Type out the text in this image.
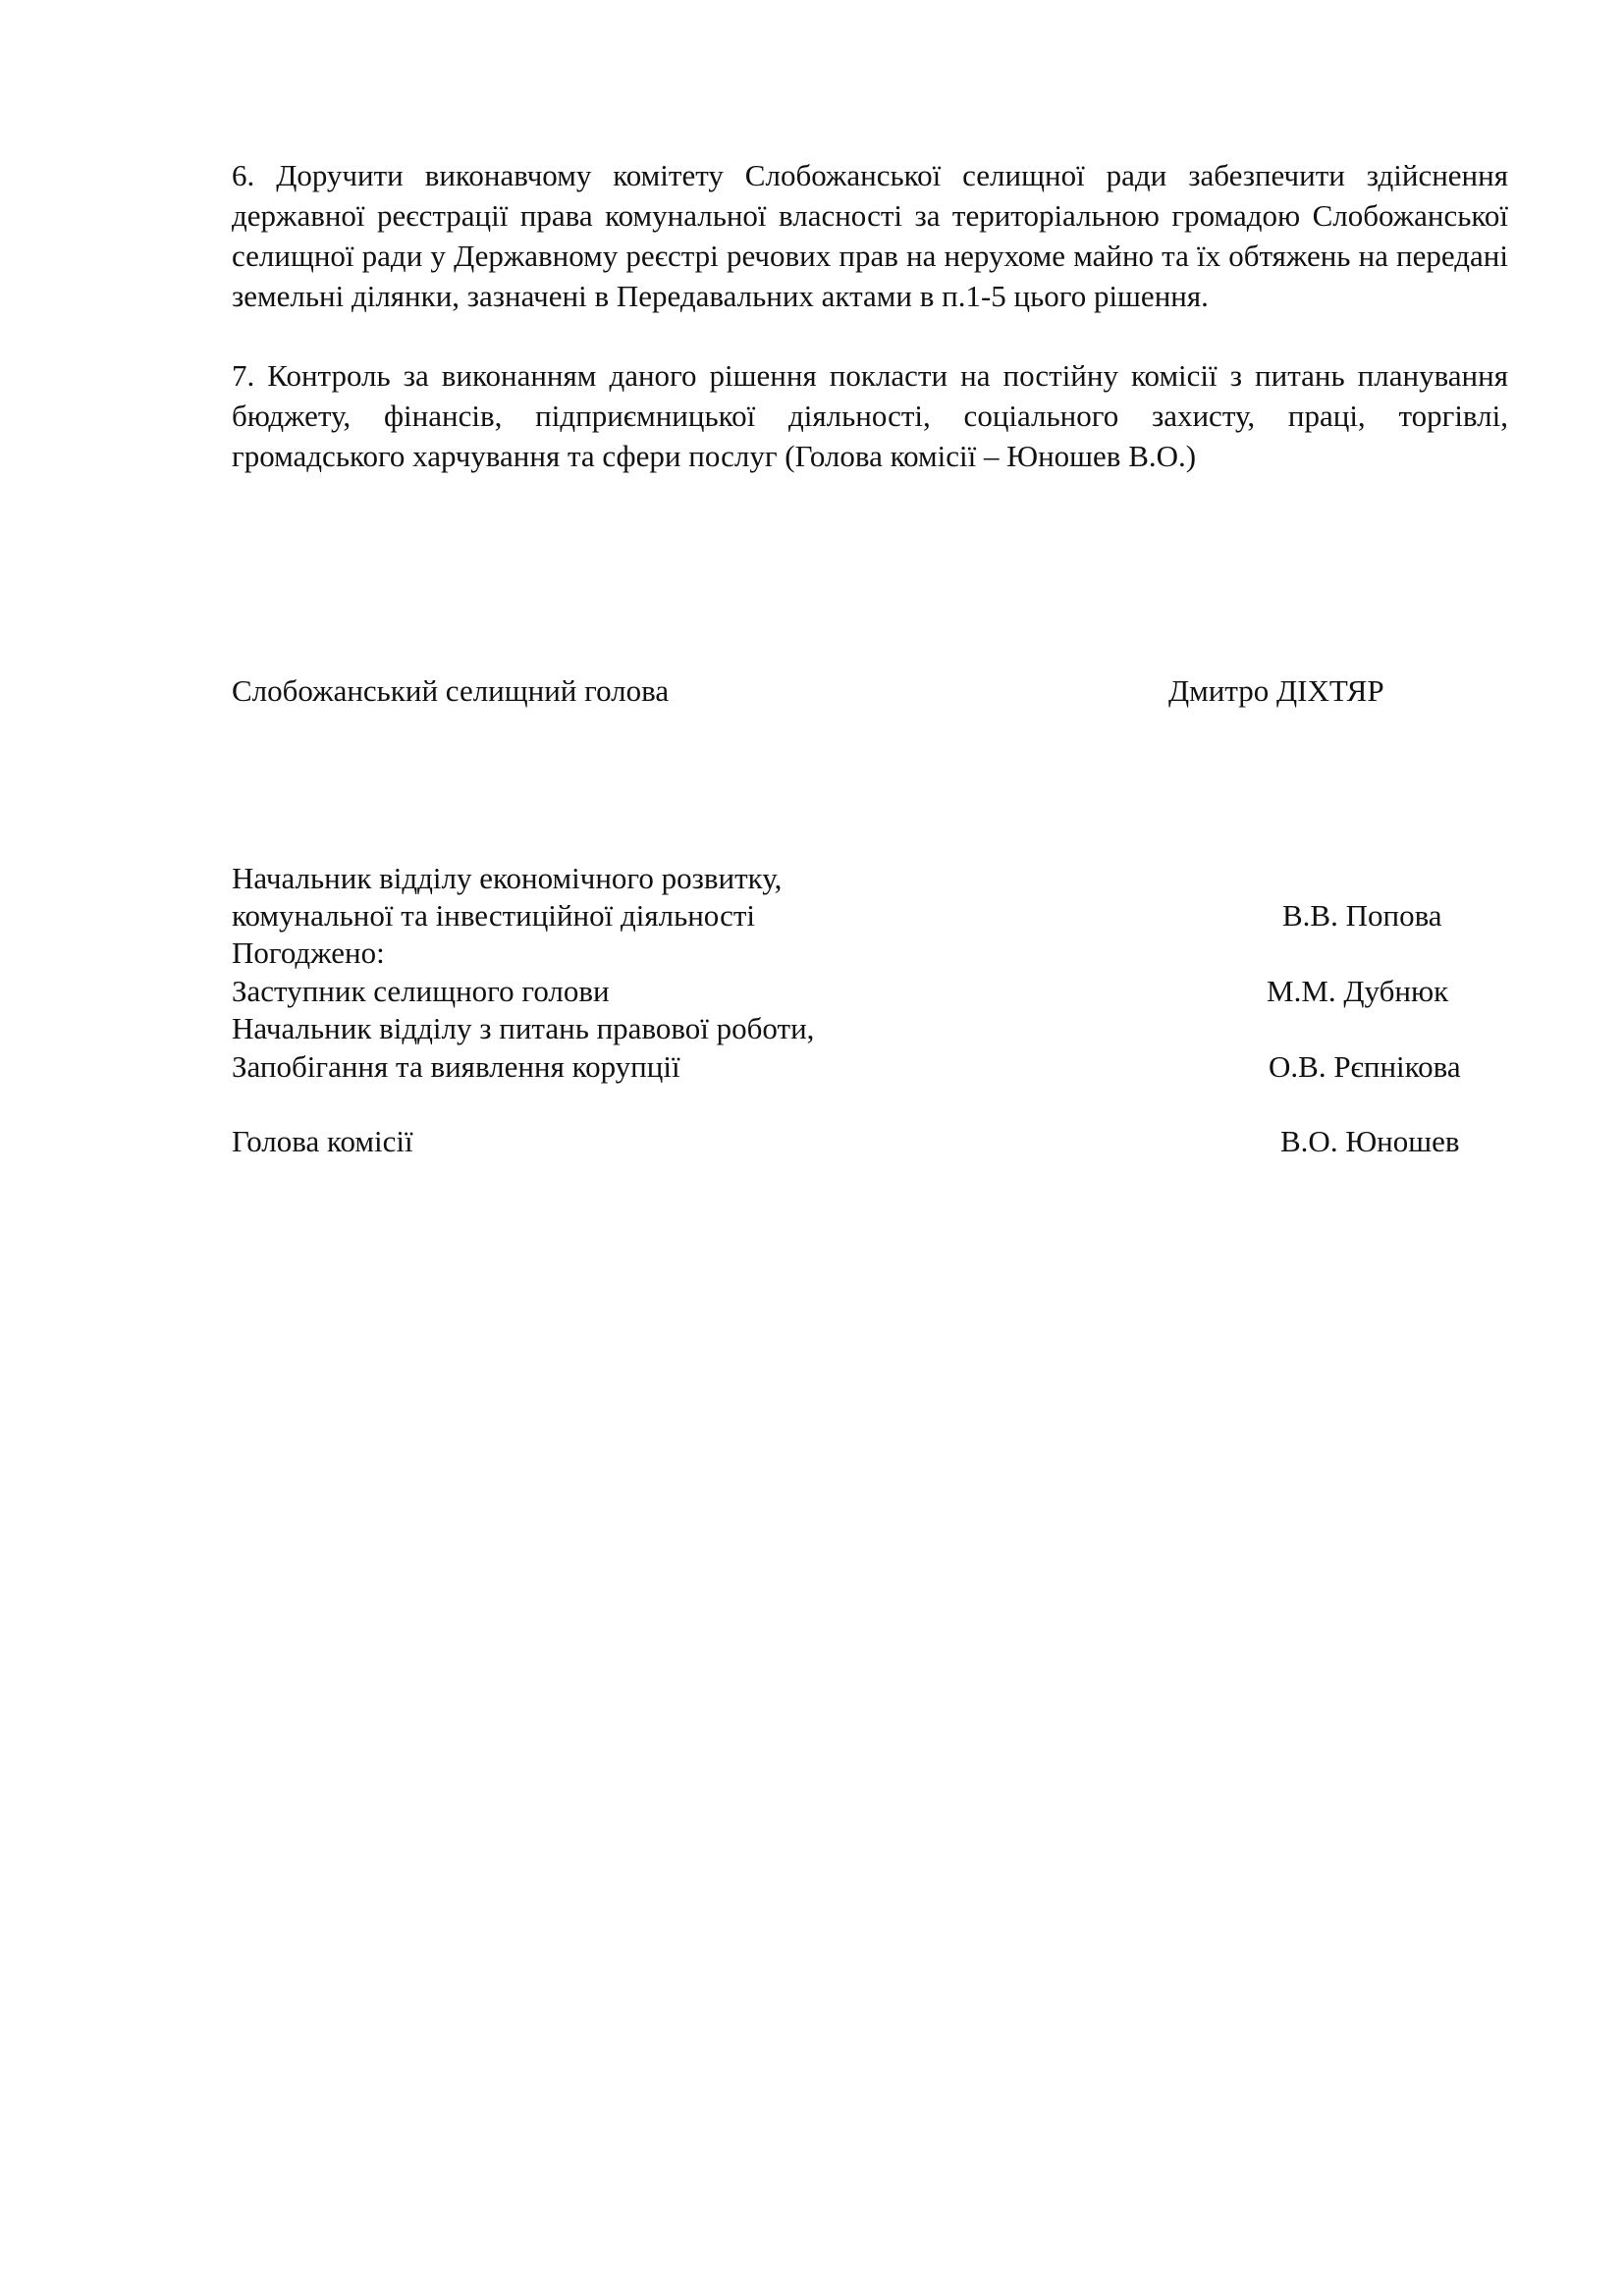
6. Доручити виконавчому комітету Слобожанської селищної ради забезпечити здійснення державної реєстрації права комунальної власності за територіальною громадою Слобожанської селищної ради у Державному реєстрі речових прав на нерухоме майно та їх обтяжень на передані земельні ділянки, зазначені в Передавальних актами в п.1-5 цього рішення.

7. Контроль за виконанням даного рішення покласти на постійну комісії з питань планування бюджету, фінансів, підприємницької діяльності, соціального захисту, праці, торгівлі, громадського харчування та сфери послуг (Голова комісії – Юношев В.О.)

Слобожанський селищний голова	Дмитро ДІХТЯР
Начальник відділу економічного розвитку,
комунальної та інвестиційної діяльності	В.В. Попова
Погоджено:
Заступник селищного голови	М.М. Дубнюк
Начальник відділу з питань правової роботи,
Запобігання та виявлення корупції	О.В. Рєпнікова
Голова комісії	В.О. Юношев
